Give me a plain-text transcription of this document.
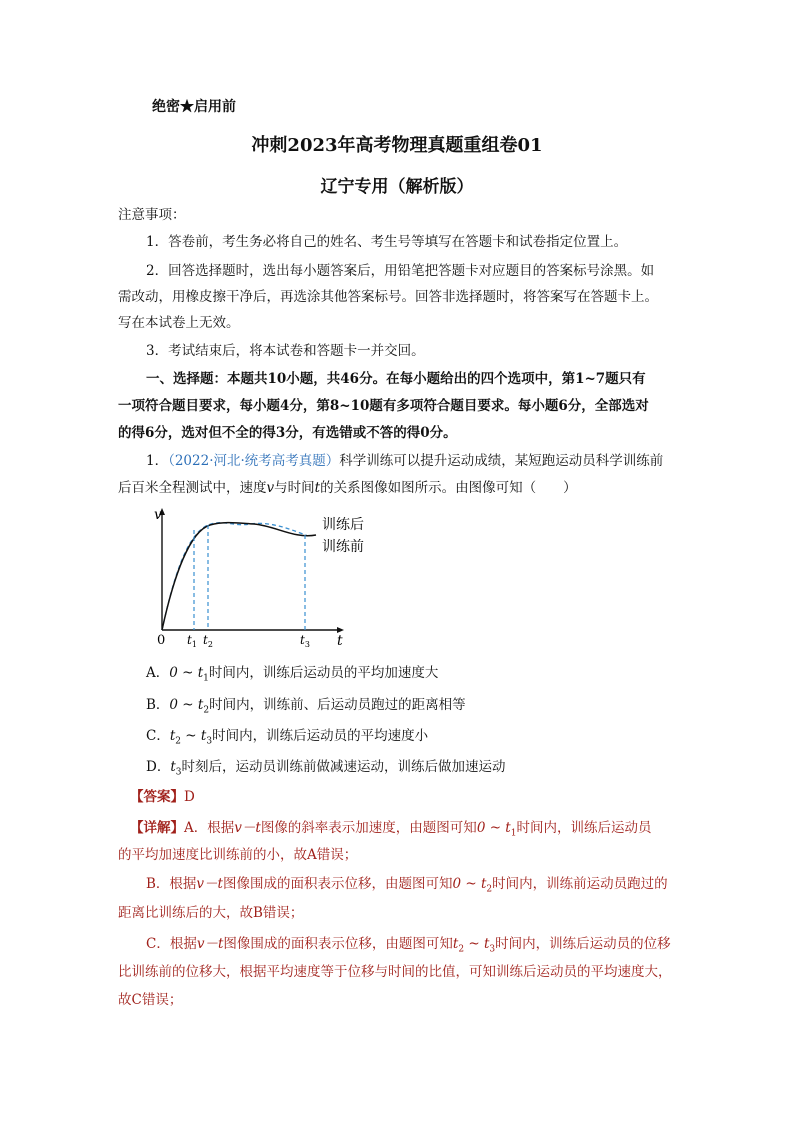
绝密★启用前
冲刺2023年高考物理真题重组卷01
辽宁专用（解析版）
注意事项：
1．答卷前，考生务必将自己的姓名、考生号等填写在答题卡和试卷指定位置上。
2．回答选择题时，选出每小题答案后，用铅笔把答题卡对应题目的答案标号涂黑。如
需改动，用橡皮擦干净后，再选涂其他答案标号。回答非选择题时，将答案写在答题卡上。
写在本试卷上无效。
3．考试结束后，将本试卷和答题卡一并交回。
一、选择题：本题共10小题，共46分。在每小题给出的四个选项中，第1~7题只有
一项符合题目要求，每小题4分，第8~10题有多项符合题目要求。每小题6分，全部选对
的得6分，选对但不全的得3分，有选错或不答的得0分。
1．（2022·河北·统考高考真题）科学训练可以提升运动成绩，某短跑运动员科学训练前
后百米全程测试中，速度v与时间t的关系图像如图所示。由图像可知（　　）
v
t
0 $t_1$ $t_2$	$t_3$
训练后
训练前
A．0 ~ $t_1$时间内，训练后运动员的平均加速度大
B．0 ~ $t_2$时间内，训练前、后运动员跑过的距离相等
C．$t_2$ ~ $t_3$时间内，训练后运动员的平均速度小
D．$t_3$时刻后，运动员训练前做减速运动，训练后做加速运动
【答案】D
【详解】A．根据v－t图像的斜率表示加速度，由题图可知0 ~ $t_1$时间内，训练后运动员
的平均加速度比训练前的小，故A错误；
B．根据v－t图像围成的面积表示位移，由题图可知0 ~ $t_2$时间内，训练前运动员跑过的
距离比训练后的大，故B错误；
C．根据v－t图像围成的面积表示位移，由题图可知$t_2$ ~ $t_3$时间内，训练后运动员的位移
比训练前的位移大，根据平均速度等于位移与时间的比值，可知训练后运动员的平均速度大，
故C错误；
